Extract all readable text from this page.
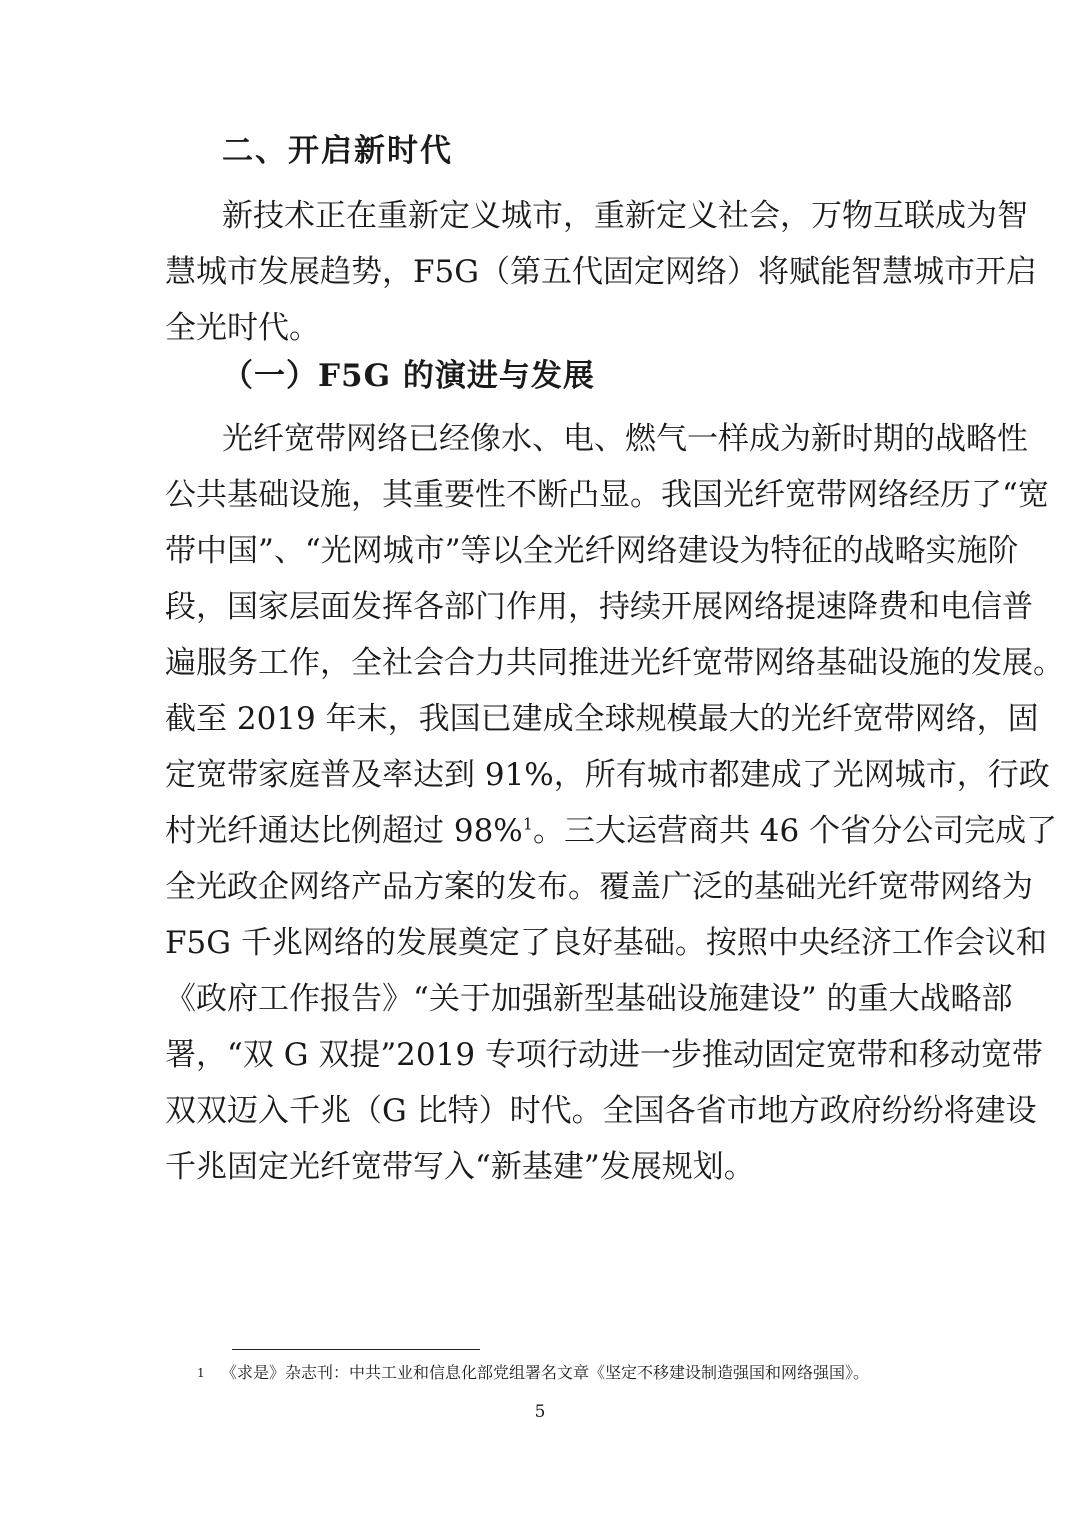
二、开启新时代
新技术正在重新定义城市，重新定义社会，万物互联成为智
慧城市发展趋势，F5G（第五代固定网络）将赋能智慧城市开启
全光时代。
（一）F5G 的演进与发展
光纤宽带网络已经像水、电、燃气一样成为新时期的战略性
公共基础设施，其重要性不断凸显。我国光纤宽带网络经历了“宽
带中国”、“光网城市”等以全光纤网络建设为特征的战略实施阶
段，国家层面发挥各部门作用，持续开展网络提速降费和电信普
遍服务工作，全社会合力共同推进光纤宽带网络基础设施的发展。
截至 2019 年末，我国已建成全球规模最大的光纤宽带网络，固
定宽带家庭普及率达到 91%，所有城市都建成了光网城市，行政
村光纤通达比例超过 98%$^1$。三大运营商共 46 个省分公司完成了
全光政企网络产品方案的发布。覆盖广泛的基础光纤宽带网络为
F5G 千兆网络的发展奠定了良好基础。按照中央经济工作会议和
《政府工作报告》“关于加强新型基础设施建设” 的重大战略部
署，“双 G 双提”2019 专项行动进一步推动固定宽带和移动宽带
双双迈入千兆（G 比特）时代。全国各省市地方政府纷纷将建设
千兆固定光纤宽带写入“新基建”发展规划。
1 《求是》杂志刊：中共工业和信息化部党组署名文章《坚定不移建设制造强国和网络强国》。
5
